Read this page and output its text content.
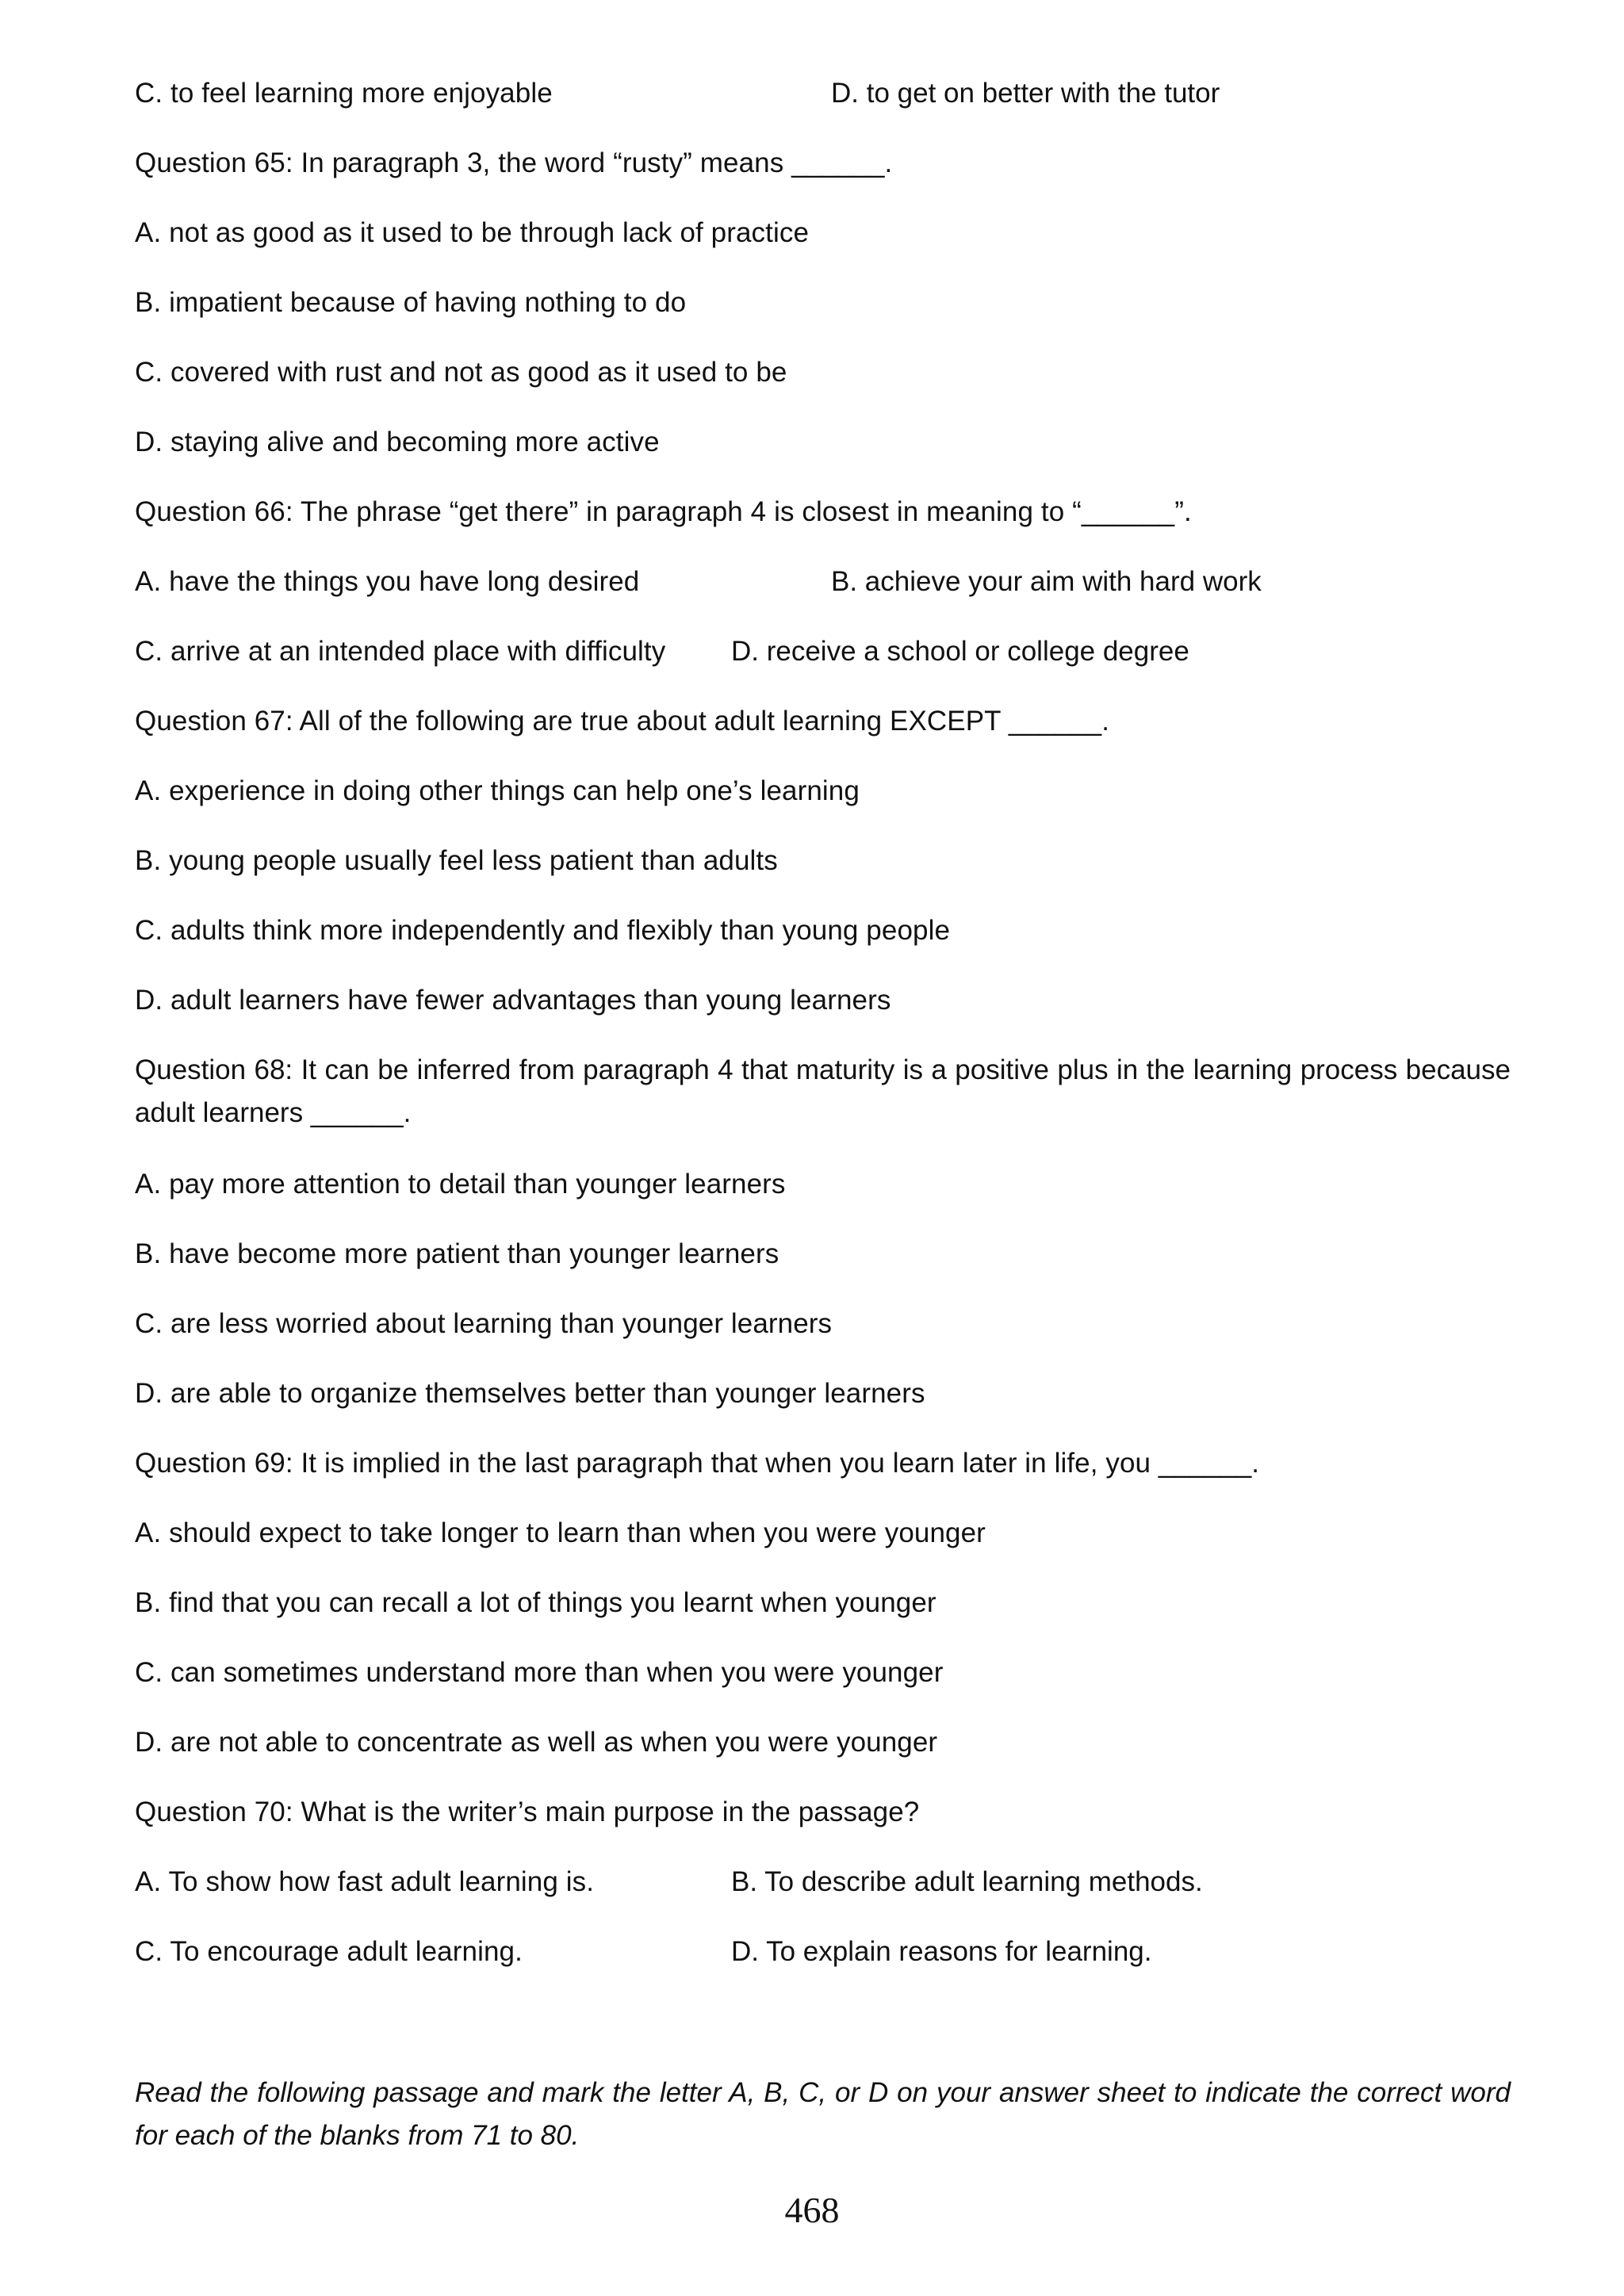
C. to feel learning more enjoyable	D. to get on better with the tutor
Question 65: In paragraph 3, the word “rusty” means ______.
A. not as good as it used to be through lack of practice
B. impatient because of having nothing to do
C. covered with rust and not as good as it used to be
D. staying alive and becoming more active
Question 66: The phrase “get there” in paragraph 4 is closest in meaning to “______”.
A. have the things you have long desired	B. achieve your aim with hard work
C. arrive at an intended place with difficulty D. receive a school or college degree
Question 67: All of the following are true about adult learning EXCEPT ______.
A. experience in doing other things can help one’s learning
B. young people usually feel less patient than adults
C. adults think more independently and flexibly than young people
D. adult learners have fewer advantages than young learners
Question 68: It can be inferred from paragraph 4 that maturity is a positive plus in the learning process because adult learners ______.
A. pay more attention to detail than younger learners
B. have become more patient than younger learners
C. are less worried about learning than younger learners
D. are able to organize themselves better than younger learners
Question 69: It is implied in the last paragraph that when you learn later in life, you ______.
A. should expect to take longer to learn than when you were younger
B. find that you can recall a lot of things you learnt when younger
C. can sometimes understand more than when you were younger
D. are not able to concentrate as well as when you were younger
Question 70: What is the writer’s main purpose in the passage?
A. To show how fast adult learning is.	B. To describe adult learning methods.
C. To encourage adult learning.	D. To explain reasons for learning.
Read the following passage and mark the letter A, B, C, or D on your answer sheet to indicate the correct word for each of the blanks from 71 to 80.
468
